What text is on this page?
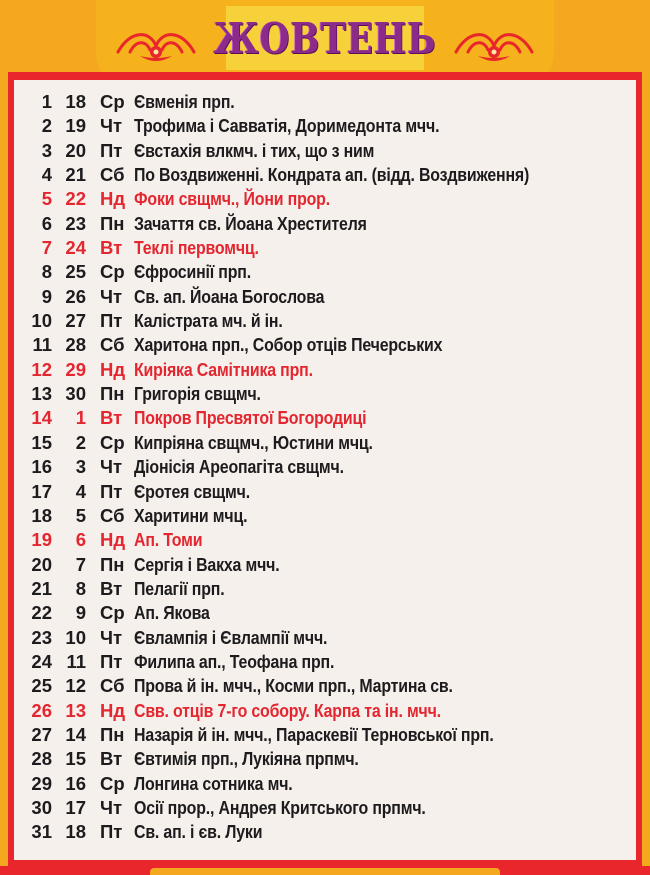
ЖОВТЕНЬ
1 18 Ср Євменія прп.
2 19 Чт Трофима і Савватія, Доримедонта мчч.
3 20 Пт Євстахія влкмч. і тих, що з ним
4 21 Сб По Воздвиженні. Кондрата ап. (відд. Воздвиження)
5 22 Нд Фоки свщмч., Йони прор.
6 23 Пн Зачаття св. Йоана Хрестителя
7 24 Вт Теклі первомчц.
8 25 Ср Єфросинії прп.
9 26 Чт Св. ап. Йоана Богослова
10 27 Пт Калістрата мч. й ін.
11 28 Сб Харитона прп., Собор отців Печерських
12 29 Нд Кирiяка Самітника прп.
13 30 Пн Григорія свщмч.
14	1 Вт Покров Пресвятої Богородиці
15	2 Ср Кипріяна свщмч., Юстини мчц.
16	3 Чт Діонісія Ареопагіта свщмч.
17	4 Пт Єротея свщмч.
18	5 Сб Харитини мчц.
19	6 Нд Ап. Томи
20	7 Пн Сергія і Вакха мчч.
21	8 Вт Пелагії прп.
22	9 Ср Ап. Якова
23 10 Чт Євлампія і Євлампії мчч.
24 11 Пт Филипа ап., Теофана прп.
25 12 Сб Прова й ін. мчч., Косми прп., Мартина св.
26 13 Нд Свв. отців 7-го собору. Карпа та ін. мчч.
27 14 Пн Назарія й ін. мчч., Параскевії Терновської прп.
28 15 Вт Євтимія прп., Лукіяна прпмч.
29 16 Ср Лонгина сотника мч.
30 17 Чт Осії прор., Андрея Критського прпмч.
31 18 Пт Св. ап. і єв. Луки
